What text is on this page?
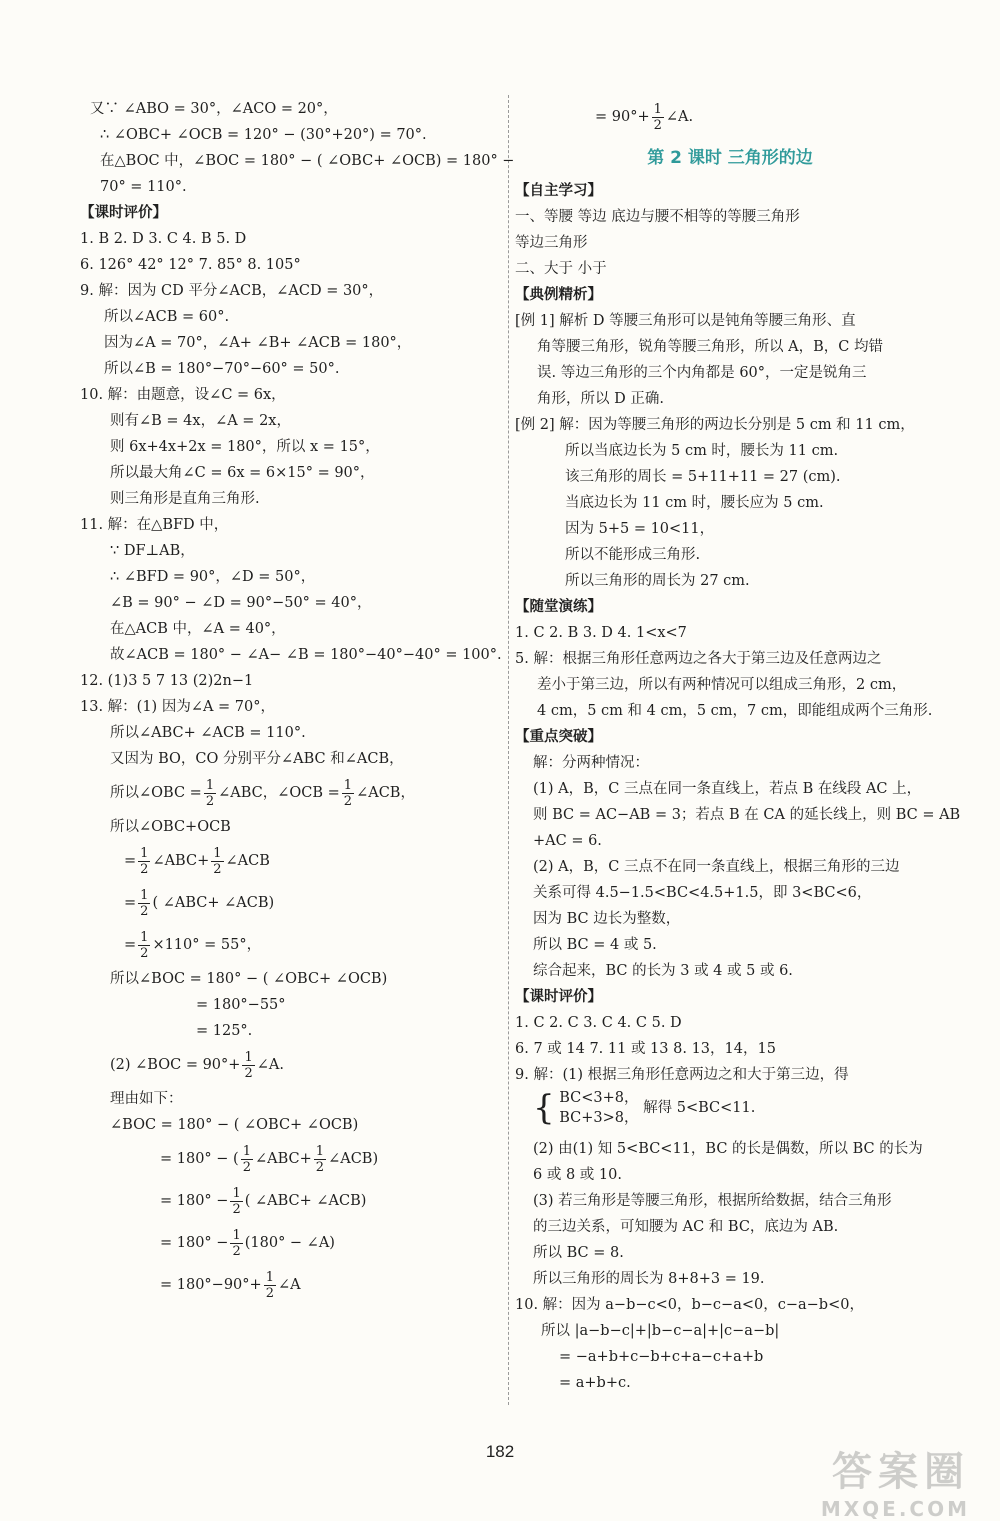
又∵ ∠ABO = 30°，∠ACO = 20°，
∴ ∠OBC+ ∠OCB = 120° − (30°+20°) = 70°.
在△BOC 中，∠BOC = 180° − ( ∠OBC+ ∠OCB) = 180° −
70° = 110°.
【课时评价】
1. B 2. D 3. C 4. B 5. D
6. 126° 42° 12° 7. 85° 8. 105°
9. 解：因为 CD 平分∠ACB，∠ACD = 30°，
所以∠ACB = 60°.
因为∠A = 70°，∠A+ ∠B+ ∠ACB = 180°，
所以∠B = 180°−70°−60° = 50°.
10. 解：由题意，设∠C = 6x，
则有∠B = 4x，∠A = 2x，
则 6x+4x+2x = 180°，所以 x = 15°，
所以最大角∠C = 6x = 6×15° = 90°，
则三角形是直角三角形.
11. 解：在△BFD 中，
∵ DF⊥AB，
∴ ∠BFD = 90°，∠D = 50°，
∠B = 90° − ∠D = 90°−50° = 40°，
在△ACB 中，∠A = 40°，
故∠ACB = 180° − ∠A− ∠B = 180°−40°−40° = 100°.
12. (1)3 5 7 13 (2)2n−1
13. 解：(1) 因为∠A = 70°，
所以∠ABC+ ∠ACB = 110°.
又因为 BO，CO 分别平分∠ABC 和∠ACB，
所以∠OBC = $\frac{1}{2}$ ∠ABC，∠OCB = $\frac{1}{2}$ ∠ACB，
所以∠OBC+OCB
= $\frac{1}{2}$ ∠ABC+ $\frac{1}{2}$ ∠ACB
= $\frac{1}{2}$ ( ∠ABC+ ∠ACB)
= $\frac{1}{2} \times 110^\circ = 55^\circ$，
所以∠BOC = 180° − ( ∠OBC+ ∠OCB)
= 180°−55°
= 125°.
(2) ∠BOC = $90^\circ+ \frac{1}{2}$ ∠A.
理由如下：
∠BOC = 180° − ( ∠OBC+ ∠OCB)
= 180° − ( $\frac{1}{2}$ ∠ABC+ $\frac{1}{2}$ ∠ACB)
= $180^\circ - \frac{1}{2}$ ( ∠ABC+ ∠ACB)
= $180^\circ - \frac{1}{2} (180^\circ$ − ∠A)
= $180^\circ-90^\circ+ \frac{1}{2}$ ∠A
= $90^\circ+ \frac{1}{2}$ ∠A.
第 2 课时 三角形的边
【自主学习】
一、等腰 等边 底边与腰不相等的等腰三角形
等边三角形
二、大于 小于
【典例精析】
[例 1] 解析 D 等腰三角形可以是钝角等腰三角形、直
角等腰三角形，锐角等腰三角形，所以 A，B，C 均错
误. 等边三角形的三个内角都是 60°，一定是锐角三
角形，所以 D 正确.
[例 2] 解：因为等腰三角形的两边长分别是 5 cm 和 11 cm，
所以当底边长为 5 cm 时，腰长为 11 cm.
该三角形的周长 = 5+11+11 = 27 (cm).
当底边长为 11 cm 时，腰长应为 5 cm.
因为 5+5 = 10<11，
所以不能形成三角形.
所以三角形的周长为 27 cm.
【随堂演练】
1. C 2. B 3. D 4. 1<x<7
5. 解：根据三角形任意两边之各大于第三边及任意两边之
差小于第三边，所以有两种情况可以组成三角形，2 cm，
4 cm，5 cm 和 4 cm，5 cm，7 cm，即能组成两个三角形.
【重点突破】
解：分两种情况：
(1) A，B，C 三点在同一条直线上，若点 B 在线段 AC 上，
则 BC = AC−AB = 3；若点 B 在 CA 的延长线上，则 BC = AB
+AC = 6.
(2) A，B，C 三点不在同一条直线上，根据三角形的三边
关系可得 4.5−1.5<BC<4.5+1.5，即 3<BC<6，
因为 BC 边长为整数，
所以 BC = 4 或 5.
综合起来，BC 的长为 3 或 4 或 5 或 6.
【课时评价】
1. C 2. C 3. C 4. C 5. D
6. 7 或 14 7. 11 或 13 8. 13，14，15
9. 解：(1) 根据三角形任意两边之和大于第三边，得
{ BC<3+8，
BC+3>8，
解得 5<BC<11.
(2) 由(1) 知 5<BC<11，BC 的长是偶数，所以 BC 的长为
6 或 8 或 10.
(3) 若三角形是等腰三角形，根据所给数据，结合三角形
的三边关系，可知腰为 AC 和 BC，底边为 AB.
所以 BC = 8.
所以三角形的周长为 8+8+3 = 19.
10. 解：因为 a−b−c<0，b−c−a<0，c−a−b<0，
所以 |a−b−c|+|b−c−a|+|c−a−b|
= −a+b+c−b+c+a−c+a+b
= a+b+c.
182	答案圈
MXQE.COM
